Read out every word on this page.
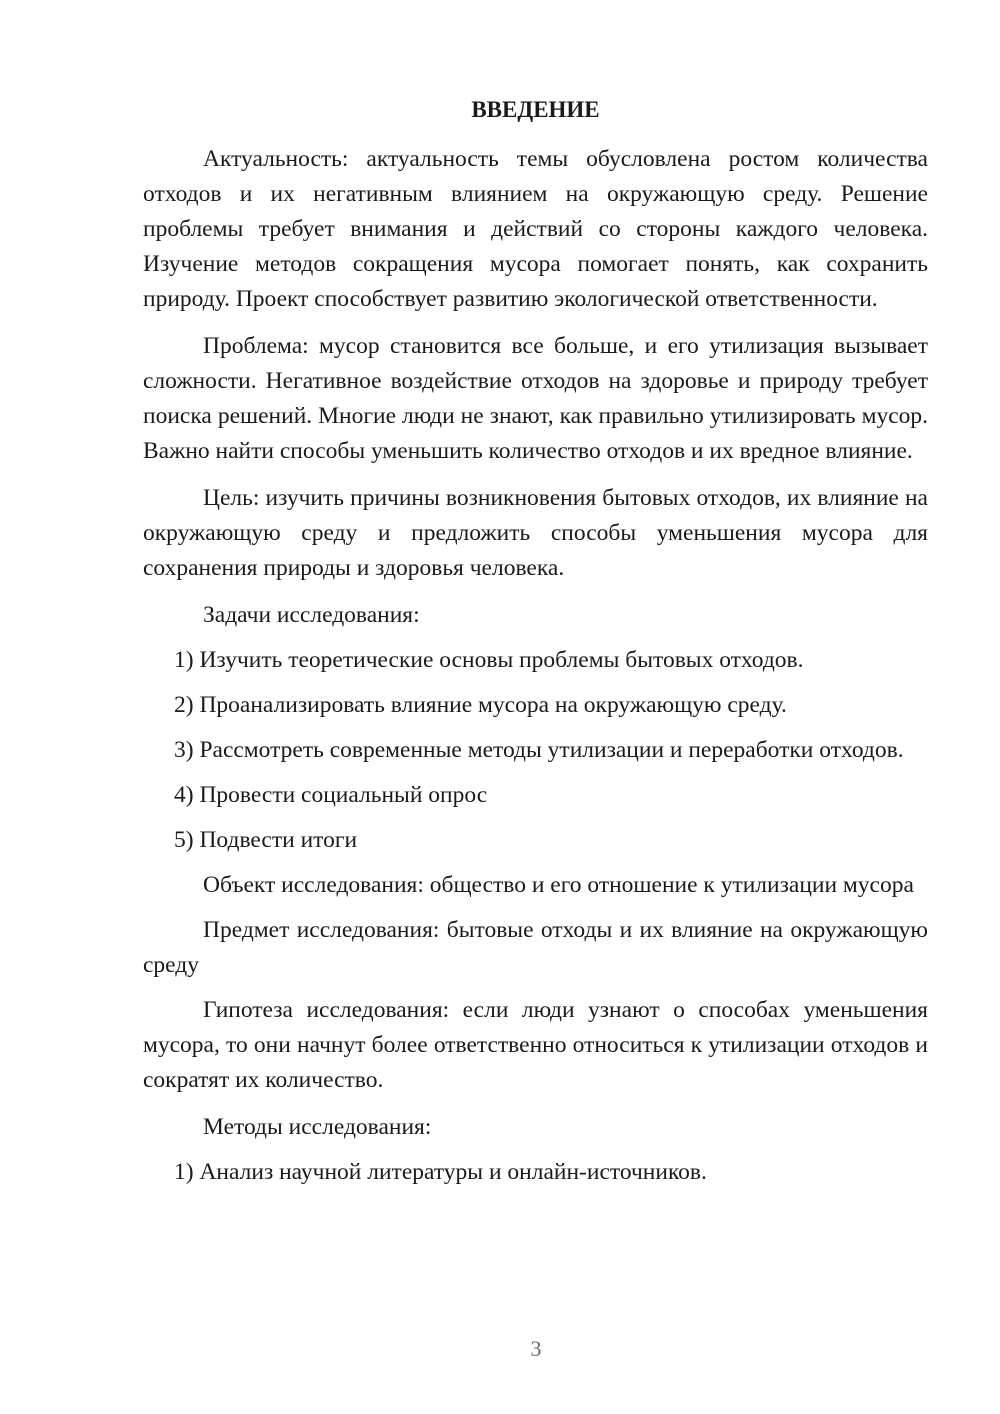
ВВЕДЕНИЕ

Актуальность: актуальность темы обусловлена ростом количества отходов и их негативным влиянием на окружающую среду. Решение проблемы требует внимания и действий со стороны каждого человека. Изучение методов сокращения мусора помогает понять, как сохранить природу. Проект способствует развитию экологической ответственности.

Проблема: мусор становится все больше, и его утилизация вызывает сложности. Негативное воздействие отходов на здоровье и природу требует поиска решений. Многие люди не знают, как правильно утилизировать мусор. Важно найти способы уменьшить количество отходов и их вредное влияние.

Цель: изучить причины возникновения бытовых отходов, их влияние на окружающую среду и предложить способы уменьшения мусора для сохранения природы и здоровья человека.

Задачи исследования:

1) Изучить теоретические основы проблемы бытовых отходов.

2) Проанализировать влияние мусора на окружающую среду.

3) Рассмотреть современные методы утилизации и переработки отходов.

4) Провести социальный опрос

5) Подвести итоги

Объект исследования: общество и его отношение к утилизации мусора

Предмет исследования: бытовые отходы и их влияние на окружающую среду

Гипотеза исследования: если люди узнают о способах уменьшения мусора, то они начнут более ответственно относиться к утилизации отходов и сократят их количество.

Методы исследования:

1) Анализ научной литературы и онлайн-источников.

3
